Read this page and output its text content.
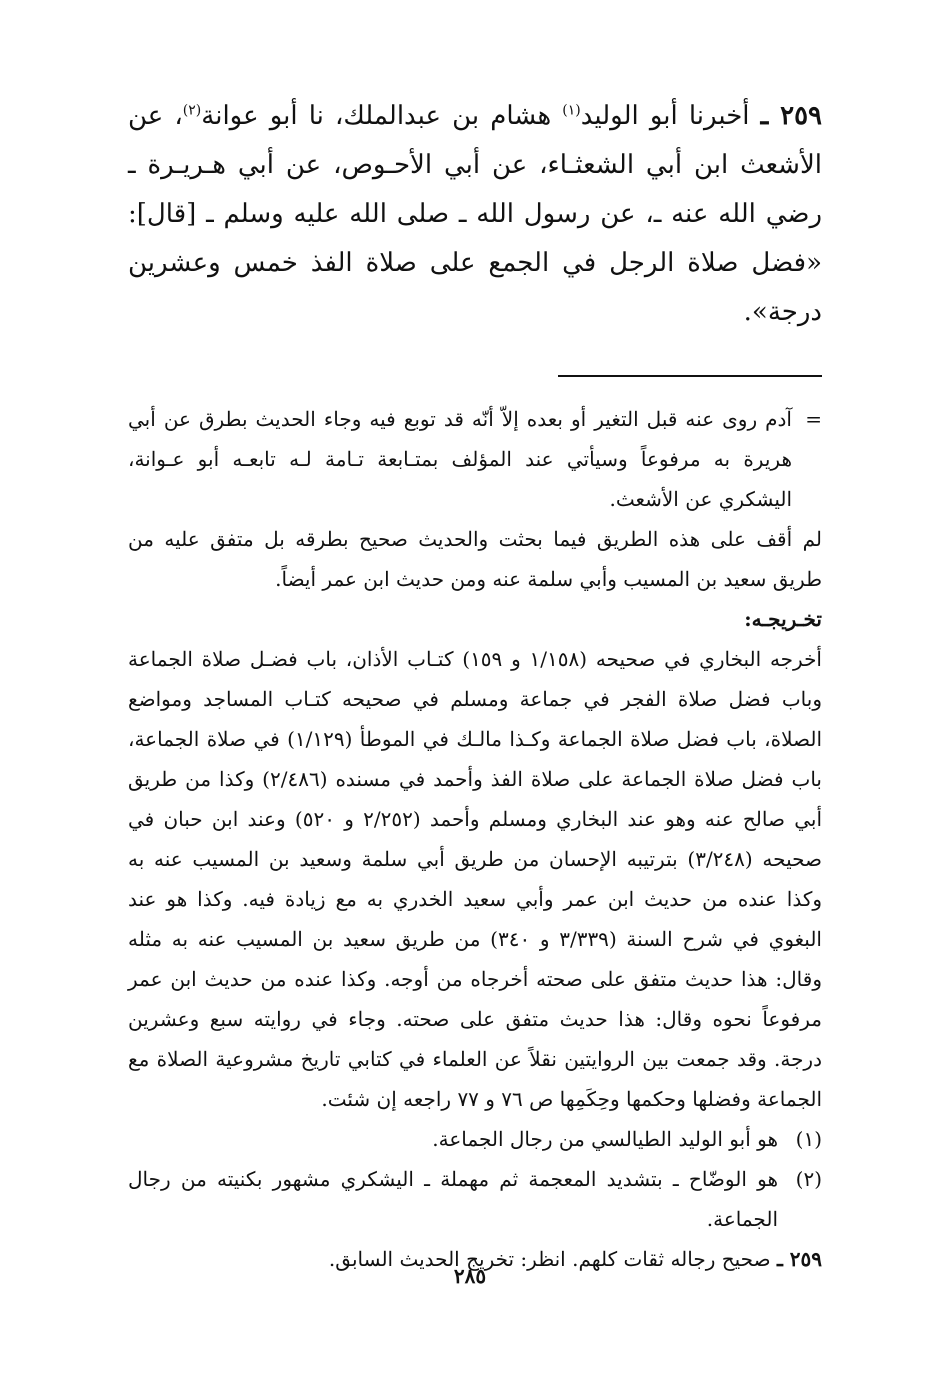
٢٥٩ ـ أخبرنا أبو الوليد$^{(١)}$ هشام بن عبدالملك، نا أبو عوانة$^{(٢)}$، عن الأشعث ابن أبي الشعثـاء، عن أبي الأحـوص، عن أبي هـريـرة ـ رضي الله عنه ـ، عن رسول الله ـ صلى الله عليه وسلم ـ [قال]: «فضل صلاة الرجل في الجمع على صلاة الفذ خمس وعشرين درجة».
=
آدم روى عنه قبل التغير أو بعده إلاّ أنّه قد توبع فيه وجاء الحديث بطرق عن أبي هريرة به مرفوعاً وسيأتي عند المؤلف بمتـابعة تـامة لـه تابعـه أبو عـوانة، اليشكري عن الأشعث.
لم أقف على هذه الطريق فيما بحثت والحديث صحيح بطرقه بل متفق عليه من طريق سعيد بن المسيب وأبي سلمة عنه ومن حديث ابن عمر أيضاً.
تخـريجـه:
أخرجه البخاري في صحيحه (١/١٥٨ و ١٥٩) كتـاب الأذان، باب فضـل صلاة الجماعة وباب فضل صلاة الفجر في جماعة ومسلم في صحيحه كتـاب المساجد ومواضع الصلاة، باب فضل صلاة الجماعة وكـذا مالـك في الموطأ (١/١٢٩) في صلاة الجماعة، باب فضل صلاة الجماعة على صلاة الفذ وأحمد في مسنده (٢/٤٨٦) وكذا من طريق أبي صالح عنه وهو عند البخاري ومسلم وأحمد (٢/٢٥٢ و ٥٢٠) وعند ابن حبان في صحيحه (٣/٢٤٨) بترتيبه الإحسان من طريق أبي سلمة وسعيد بن المسيب عنه به وكذا عنده من حديث ابن عمر وأبي سعيد الخدري به مع زيادة فيه. وكذا هو عند البغوي في شرح السنة (٣/٣٣٩ و ٣٤٠) من طريق سعيد بن المسيب عنه به مثله وقال: هذا حديث متفق على صحته أخرجاه من أوجه. وكذا عنده من حديث ابن عمر مرفوعاً نحوه وقال: هذا حديث متفق على صحته. وجاء في روايته سبع وعشرين درجة. وقد جمعت بين الروايتين نقلاً عن العلماء في كتابي تاريخ مشروعية الصلاة مع الجماعة وفضلها وحكمها وحِكَمِها ص ٧٦ و ٧٧ راجعه إن شئت.
(١)
هو أبو الوليد الطيالسي من رجال الجماعة.
(٢)
هو الوضّاح ـ بتشديد المعجمة ثم مهملة ـ اليشكري مشهور بكنيته من رجال الجماعة.
٢٥٩ ـ صحيح رجاله ثقات كلهم. انظر: تخريج الحديث السابق.
٢٨٥
